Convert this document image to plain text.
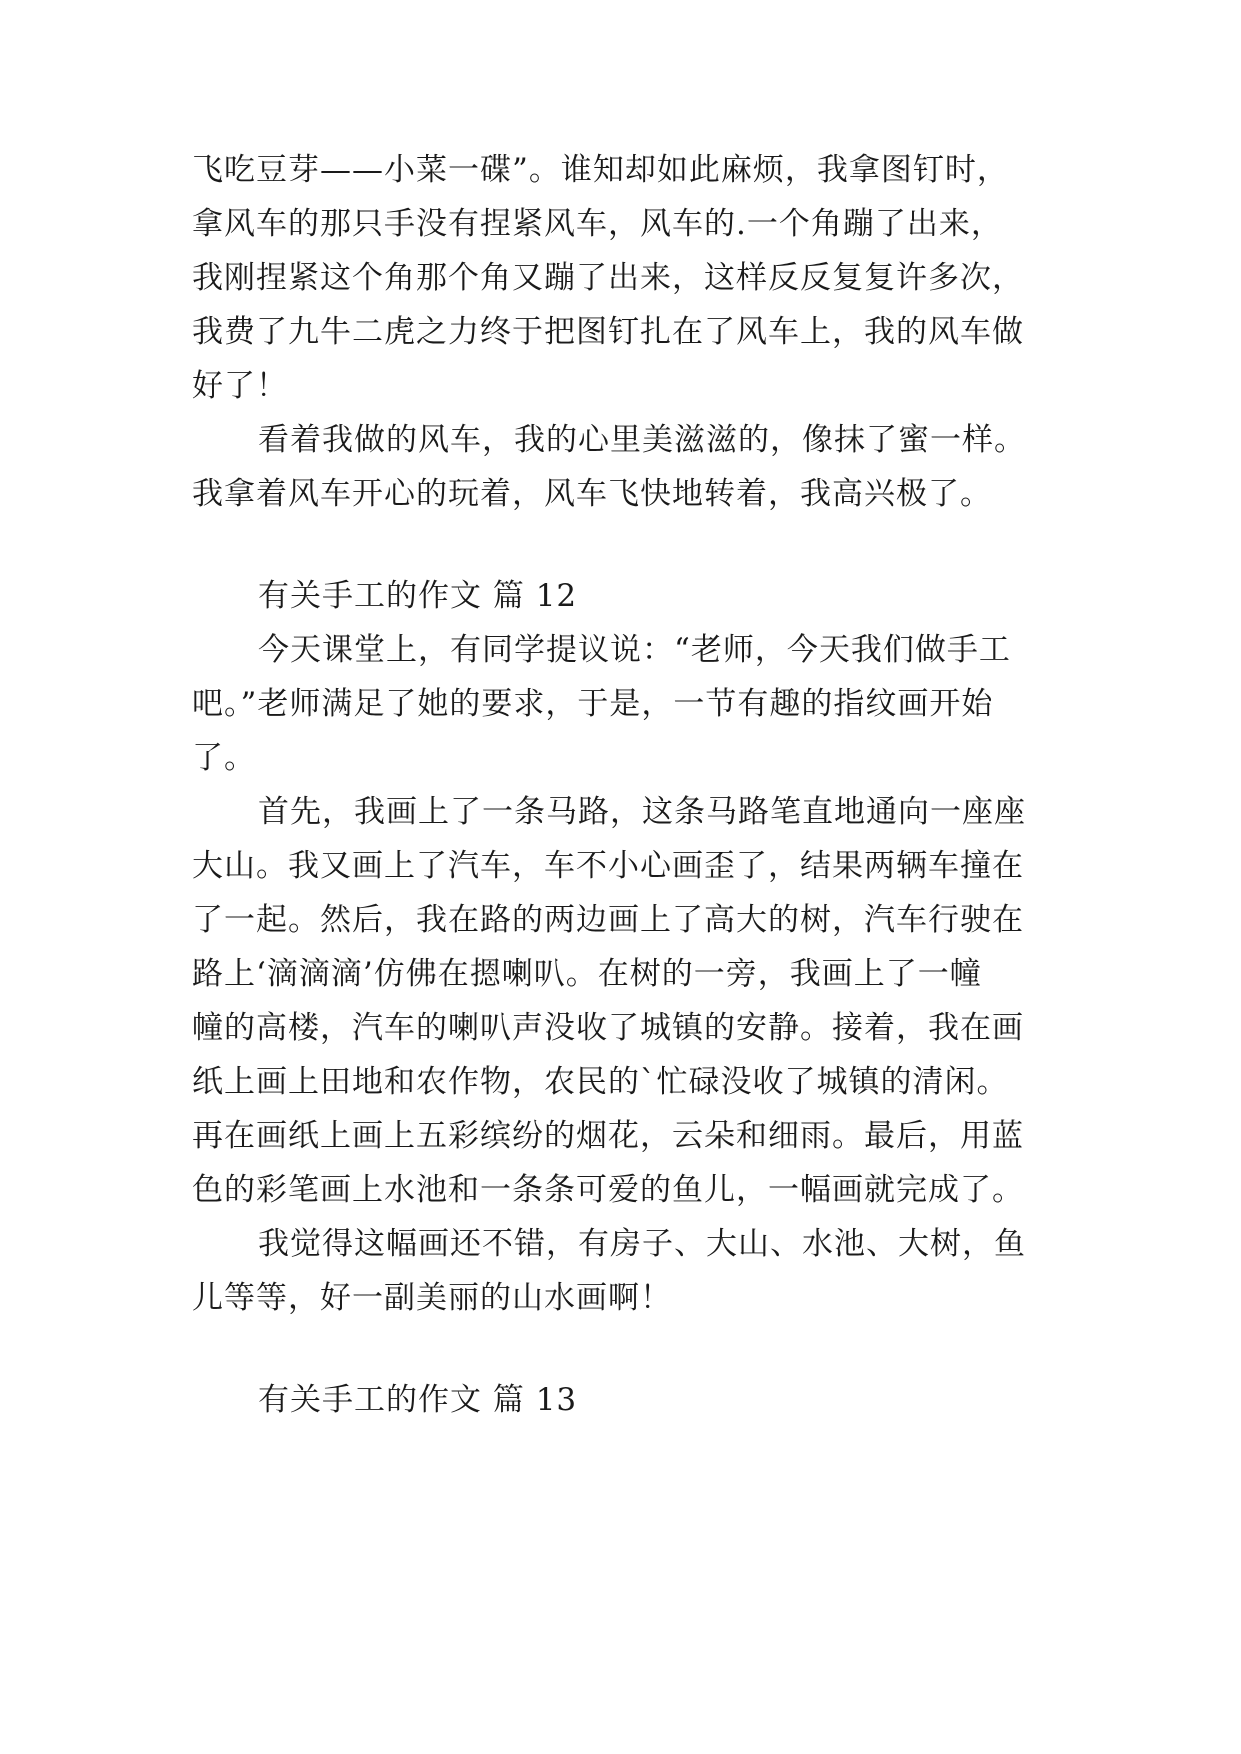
飞吃豆芽——小菜一碟”。谁知却如此麻烦，我拿图钉时，
拿风车的那只手没有捏紧风车，风车的.一个角蹦了出来，
我刚捏紧这个角那个角又蹦了出来，这样反反复复许多次，
我费了九牛二虎之力终于把图钉扎在了风车上，我的风车做
好了！
看着我做的风车，我的心里美滋滋的，像抹了蜜一样。
我拿着风车开心的玩着，风车飞快地转着，我高兴极了。
有关手工的作文 篇 12
今天课堂上，有同学提议说：“老师，今天我们做手工
吧。”老师满足了她的要求，于是，一节有趣的指纹画开始
了。
首先，我画上了一条马路，这条马路笔直地通向一座座
大山。我又画上了汽车，车不小心画歪了，结果两辆车撞在
了一起。然后，我在路的两边画上了高大的树，汽车行驶在
路上‘滴滴滴’仿佛在摁喇叭。在树的一旁，我画上了一幢
幢的高楼，汽车的喇叭声没收了城镇的安静。接着，我在画
纸上画上田地和农作物，农民的`忙碌没收了城镇的清闲。
再在画纸上画上五彩缤纷的烟花，云朵和细雨。最后，用蓝
色的彩笔画上水池和一条条可爱的鱼儿，一幅画就完成了。
我觉得这幅画还不错，有房子、大山、水池、大树，鱼
儿等等，好一副美丽的山水画啊！
有关手工的作文 篇 13
